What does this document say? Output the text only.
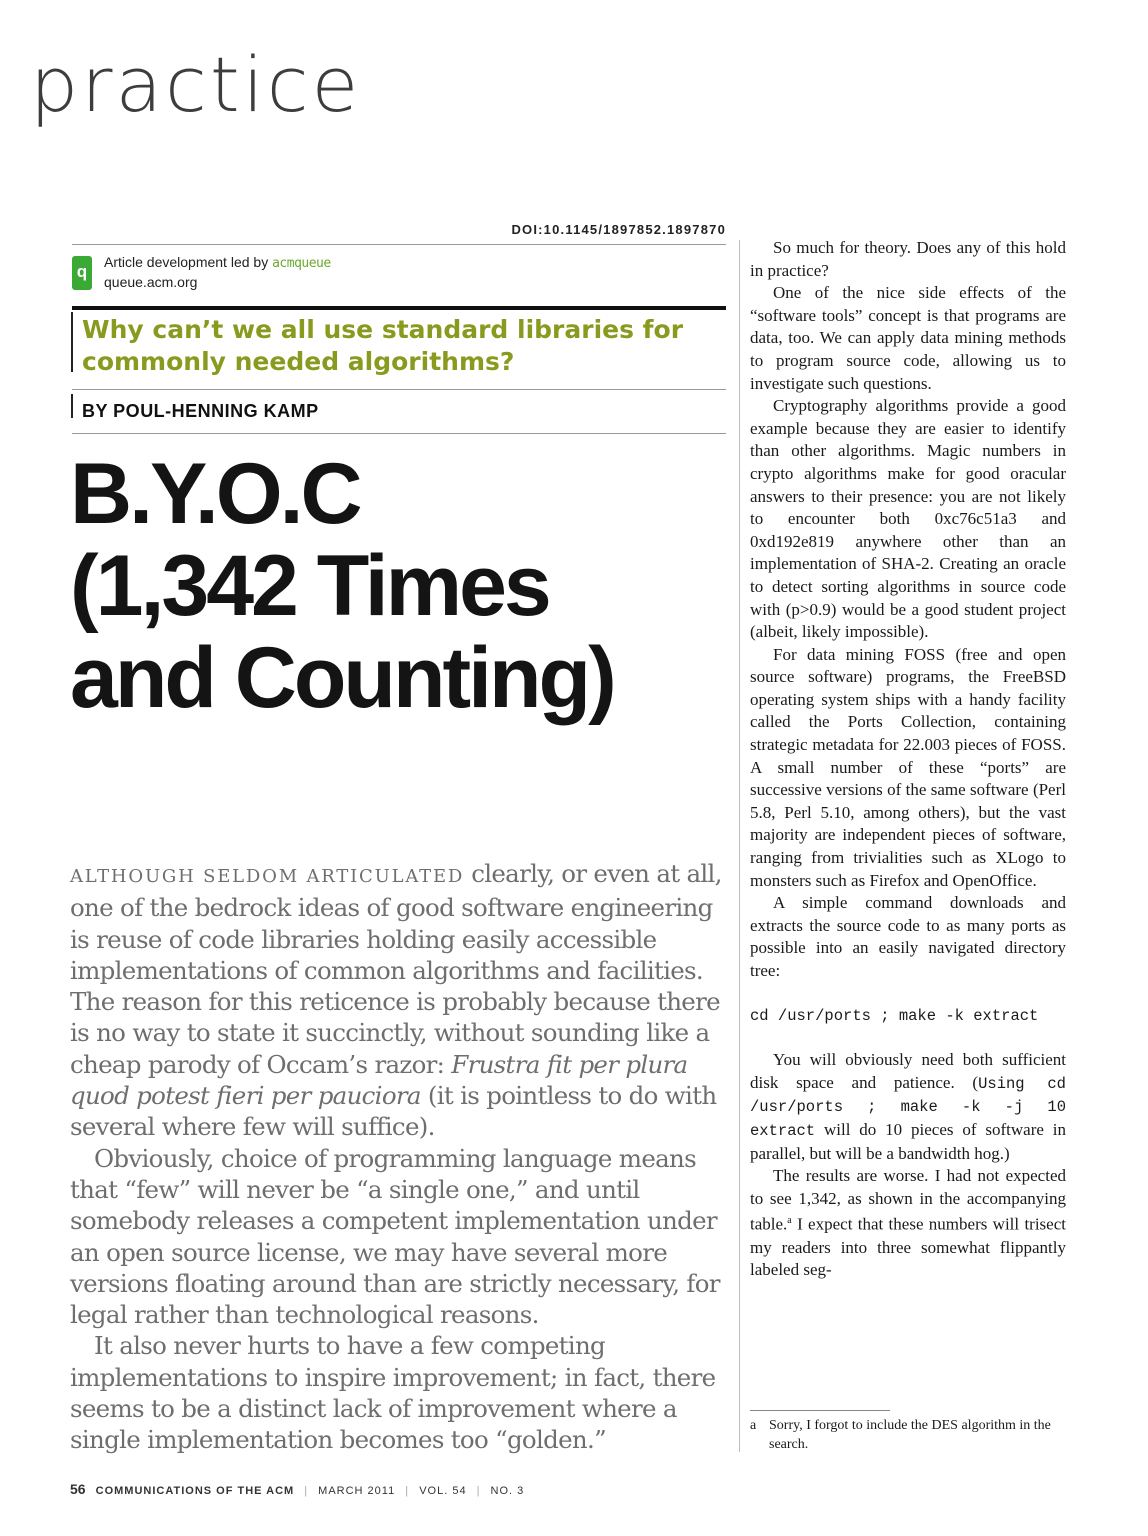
practice
DOI:10.1145/1897852.1897870
q	Article development led by acmqueue
queue.acm.org
Why can’t we all use standard libraries for commonly needed algorithms?
BY POUL-HENNING KAMP
B.Y.O.C
(1,342 Times
and Counting)

ALTHOUGH SELDOM ARTICULATED clearly, or even at all, one of the bedrock ideas of good software engineering is reuse of code libraries holding easily accessible implementations of common algorithms and facilities. The reason for this reticence is probably because there is no way to state it succinctly, without sounding like a cheap parody of Occam’s razor: Frustra fit per plura quod potest fieri per pauciora (it is pointless to do with several where few will suffice).

Obviously, choice of programming language means that “few” will never be “a single one,” and until somebody releases a competent implementation under an open source license, we may have several more versions floating around than are strictly necessary, for legal rather than technological reasons.

It also never hurts to have a few competing implementations to inspire improvement; in fact, there seems to be a distinct lack of improvement where a single implementation becomes too “golden.”

So much for theory. Does any of this hold in practice?

One of the nice side effects of the “software tools” concept is that programs are data, too. We can apply data mining methods to program source code, allowing us to investigate such questions.

Cryptography algorithms provide a good example because they are easier to identify than other algorithms. Magic numbers in crypto algorithms make for good oracular answers to their presence: you are not likely to encounter both 0xc76c51a3 and 0xd192e819 anywhere other than an implementation of SHA-2. Creating an oracle to detect sorting algorithms in source code with (p>0.9) would be a good student project (albeit, likely impossible).

For data mining FOSS (free and open source software) programs, the FreeBSD operating system ships with a handy facility called the Ports Collection, containing strategic metadata for 22.003 pieces of FOSS. A small number of these “ports” are successive versions of the same software (Perl 5.8, Perl 5.10, among others), but the vast majority are independent pieces of software, ranging from trivialities such as XLogo to monsters such as Firefox and OpenOffice.

A simple command downloads and extracts the source code to as many ports as possible into an easily navigated directory tree:

cd /usr/ports ; make -k extract

You will obviously need both sufficient disk space and patience. (Using cd /usr/ports ; make -k -j 10 extract will do 10 pieces of software in parallel, but will be a bandwidth hog.)

The results are worse. I had not expected to see 1,342, as shown in the accompanying table.$^a$ I expect that these numbers will trisect my readers into three somewhat flippantly labeled seg-

a Sorry, I forgot to include the DES algorithm in the search.
56 COMMUNICATIONS OF THE ACM | MARCH 2011 | VOL. 54 | NO. 3
